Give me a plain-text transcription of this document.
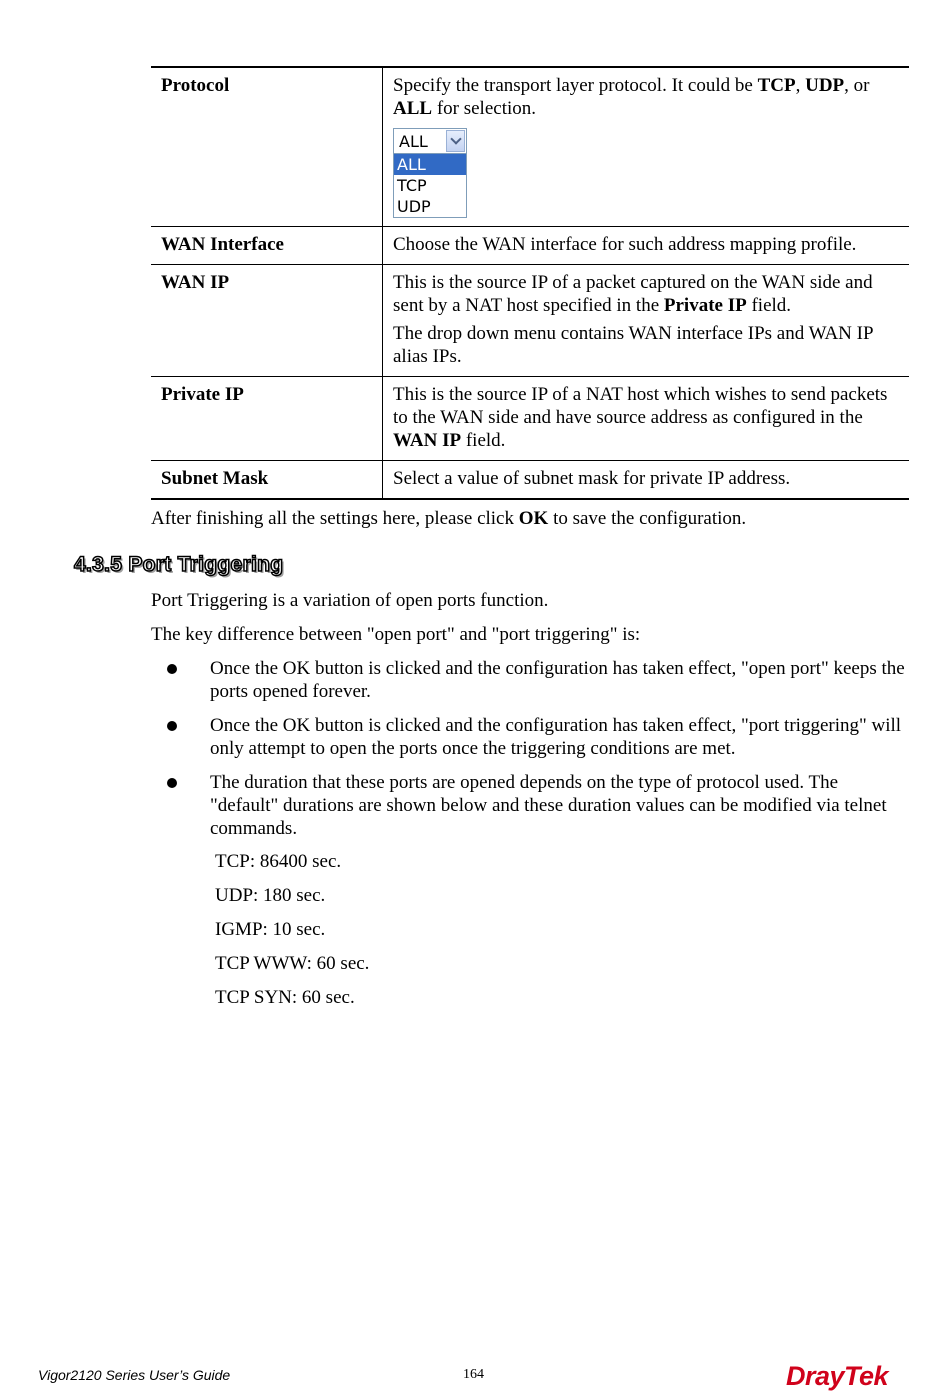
Protocol	Specify the transport layer protocol. It could be TCP, UDP, or ALL for selection.

ALL
ALL
TCP
UDP

WAN Interface	Choose the WAN interface for such address mapping profile.

WAN IP	This is the source IP of a packet captured on the WAN side and sent by a NAT host specified in the Private IP field.

The drop down menu contains WAN interface IPs and WAN IP alias IPs.

Private IP	This is the source IP of a NAT host which wishes to send packets to the WAN side and have source address as configured in the WAN IP field.

Subnet Mask	Select a value of subnet mask for private IP address.

After finishing all the settings here, please click OK to save the configuration.

4.3.5 Port Triggering

Port Triggering is a variation of open ports function.

The key difference between "open port" and "port triggering" is:

Once the OK button is clicked and the configuration has taken effect, "open port" keeps the ports opened forever.
Once the OK button is clicked and the configuration has taken effect, "port triggering" will only attempt to open the ports once the triggering conditions are met.
The duration that these ports are opened depends on the type of protocol used. The "default" durations are shown below and these duration values can be modified via telnet commands.
TCP: 86400 sec.
UDP: 180 sec.
IGMP: 10 sec.
TCP WWW: 60 sec.
TCP SYN: 60 sec.
Vigor2120 Series User’s Guide	164	DrayTek
